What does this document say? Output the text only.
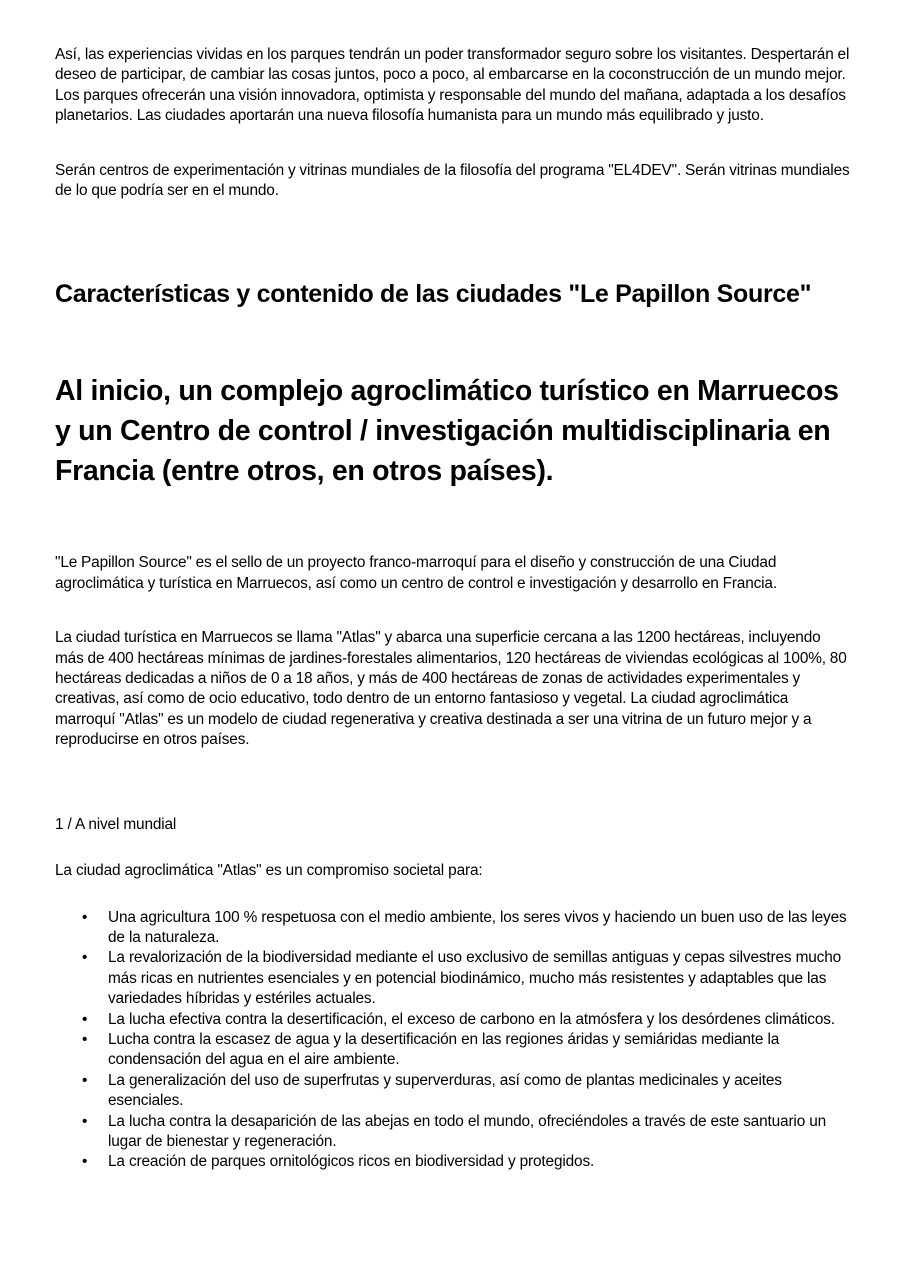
Así, las experiencias vividas en los parques tendrán un poder transformador seguro sobre los visitantes. Despertarán el deseo de participar, de cambiar las cosas juntos, poco a poco, al embarcarse en la coconstrucción de un mundo mejor. Los parques ofrecerán una visión innovadora, optimista y responsable del mundo del mañana, adaptada a los desafíos planetarios. Las ciudades aportarán una nueva filosofía humanista para un mundo más equilibrado y justo.

Serán centros de experimentación y vitrinas mundiales de la filosofía del programa "EL4DEV". Serán vitrinas mundiales de lo que podría ser en el mundo.

Características y contenido de las ciudades "Le Papillon Source"
Al inicio, un complejo agroclimático turístico en Marruecos y un Centro de control / investigación multidisciplinaria en Francia (entre otros, en otros países).

"Le Papillon Source" es el sello de un proyecto franco-marroquí para el diseño y construcción de una Ciudad agroclimática y turística en Marruecos, así como un centro de control e investigación y desarrollo en Francia.

La ciudad turística en Marruecos se llama "Atlas" y abarca una superficie cercana a las 1200 hectáreas, incluyendo más de 400 hectáreas mínimas de jardines-forestales alimentarios, 120 hectáreas de viviendas ecológicas al 100%, 80 hectáreas dedicadas a niños de 0 a 18 años, y más de 400 hectáreas de zonas de actividades experimentales y creativas, así como de ocio educativo, todo dentro de un entorno fantasioso y vegetal. La ciudad agroclimática marroquí "Atlas" es un modelo de ciudad regenerativa y creativa destinada a ser una vitrina de un futuro mejor y a reproducirse en otros países.

1 / A nivel mundial

La ciudad agroclimática "Atlas" es un compromiso societal para:

• Una agricultura 100 % respetuosa con el medio ambiente, los seres vivos y haciendo un buen uso de las leyes de la naturaleza.
• La revalorización de la biodiversidad mediante el uso exclusivo de semillas antiguas y cepas silvestres mucho más ricas en nutrientes esenciales y en potencial biodinámico, mucho más resistentes y adaptables que las variedades híbridas y estériles actuales.
• La lucha efectiva contra la desertificación, el exceso de carbono en la atmósfera y los desórdenes climáticos.
• Lucha contra la escasez de agua y la desertificación en las regiones áridas y semiáridas mediante la condensación del agua en el aire ambiente.
• La generalización del uso de superfrutas y superverduras, así como de plantas medicinales y aceites esenciales.
• La lucha contra la desaparición de las abejas en todo el mundo, ofreciéndoles a través de este santuario un lugar de bienestar y regeneración.
• La creación de parques ornitológicos ricos en biodiversidad y protegidos.
